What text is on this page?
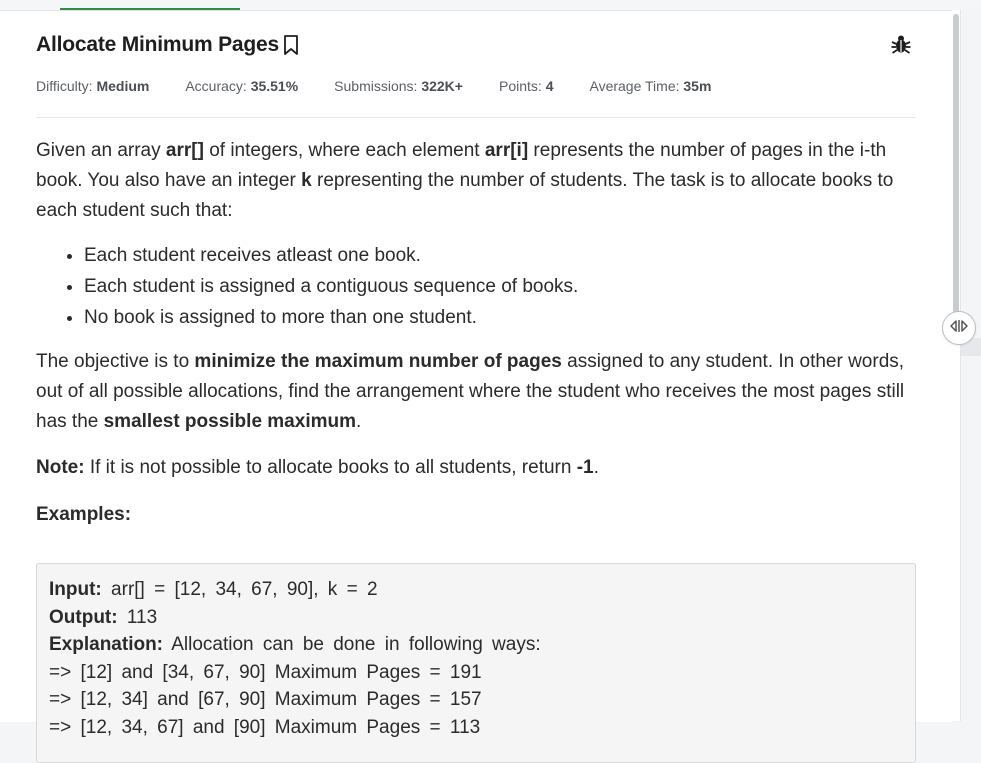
Allocate Minimum Pages
Difficulty: Medium	Accuracy: 35.51%	Submissions: 322K+	Points: 4	Average Time: 35m

Given an array arr[] of integers, where each element arr[i] represents the number of pages in the i-th book. You also have an integer k representing the number of students. The task is to allocate books to each student such that:

• Each student receives atleast one book.
• Each student is assigned a contiguous sequence of books.
• No book is assigned to more than one student.

The objective is to minimize the maximum number of pages assigned to any student. In other words, out of all possible allocations, find the arrangement where the student who receives the most pages still has the smallest possible maximum.

Note: If it is not possible to allocate books to all students, return -1.

Examples:

Input: arr[] = [12, 34, 67, 90], k = 2
Output: 113
Explanation: Allocation can be done in following ways:
=> [12] and [34, 67, 90] Maximum Pages = 191
=> [12, 34] and [67, 90] Maximum Pages = 157
=> [12, 34, 67] and [90] Maximum Pages = 113
